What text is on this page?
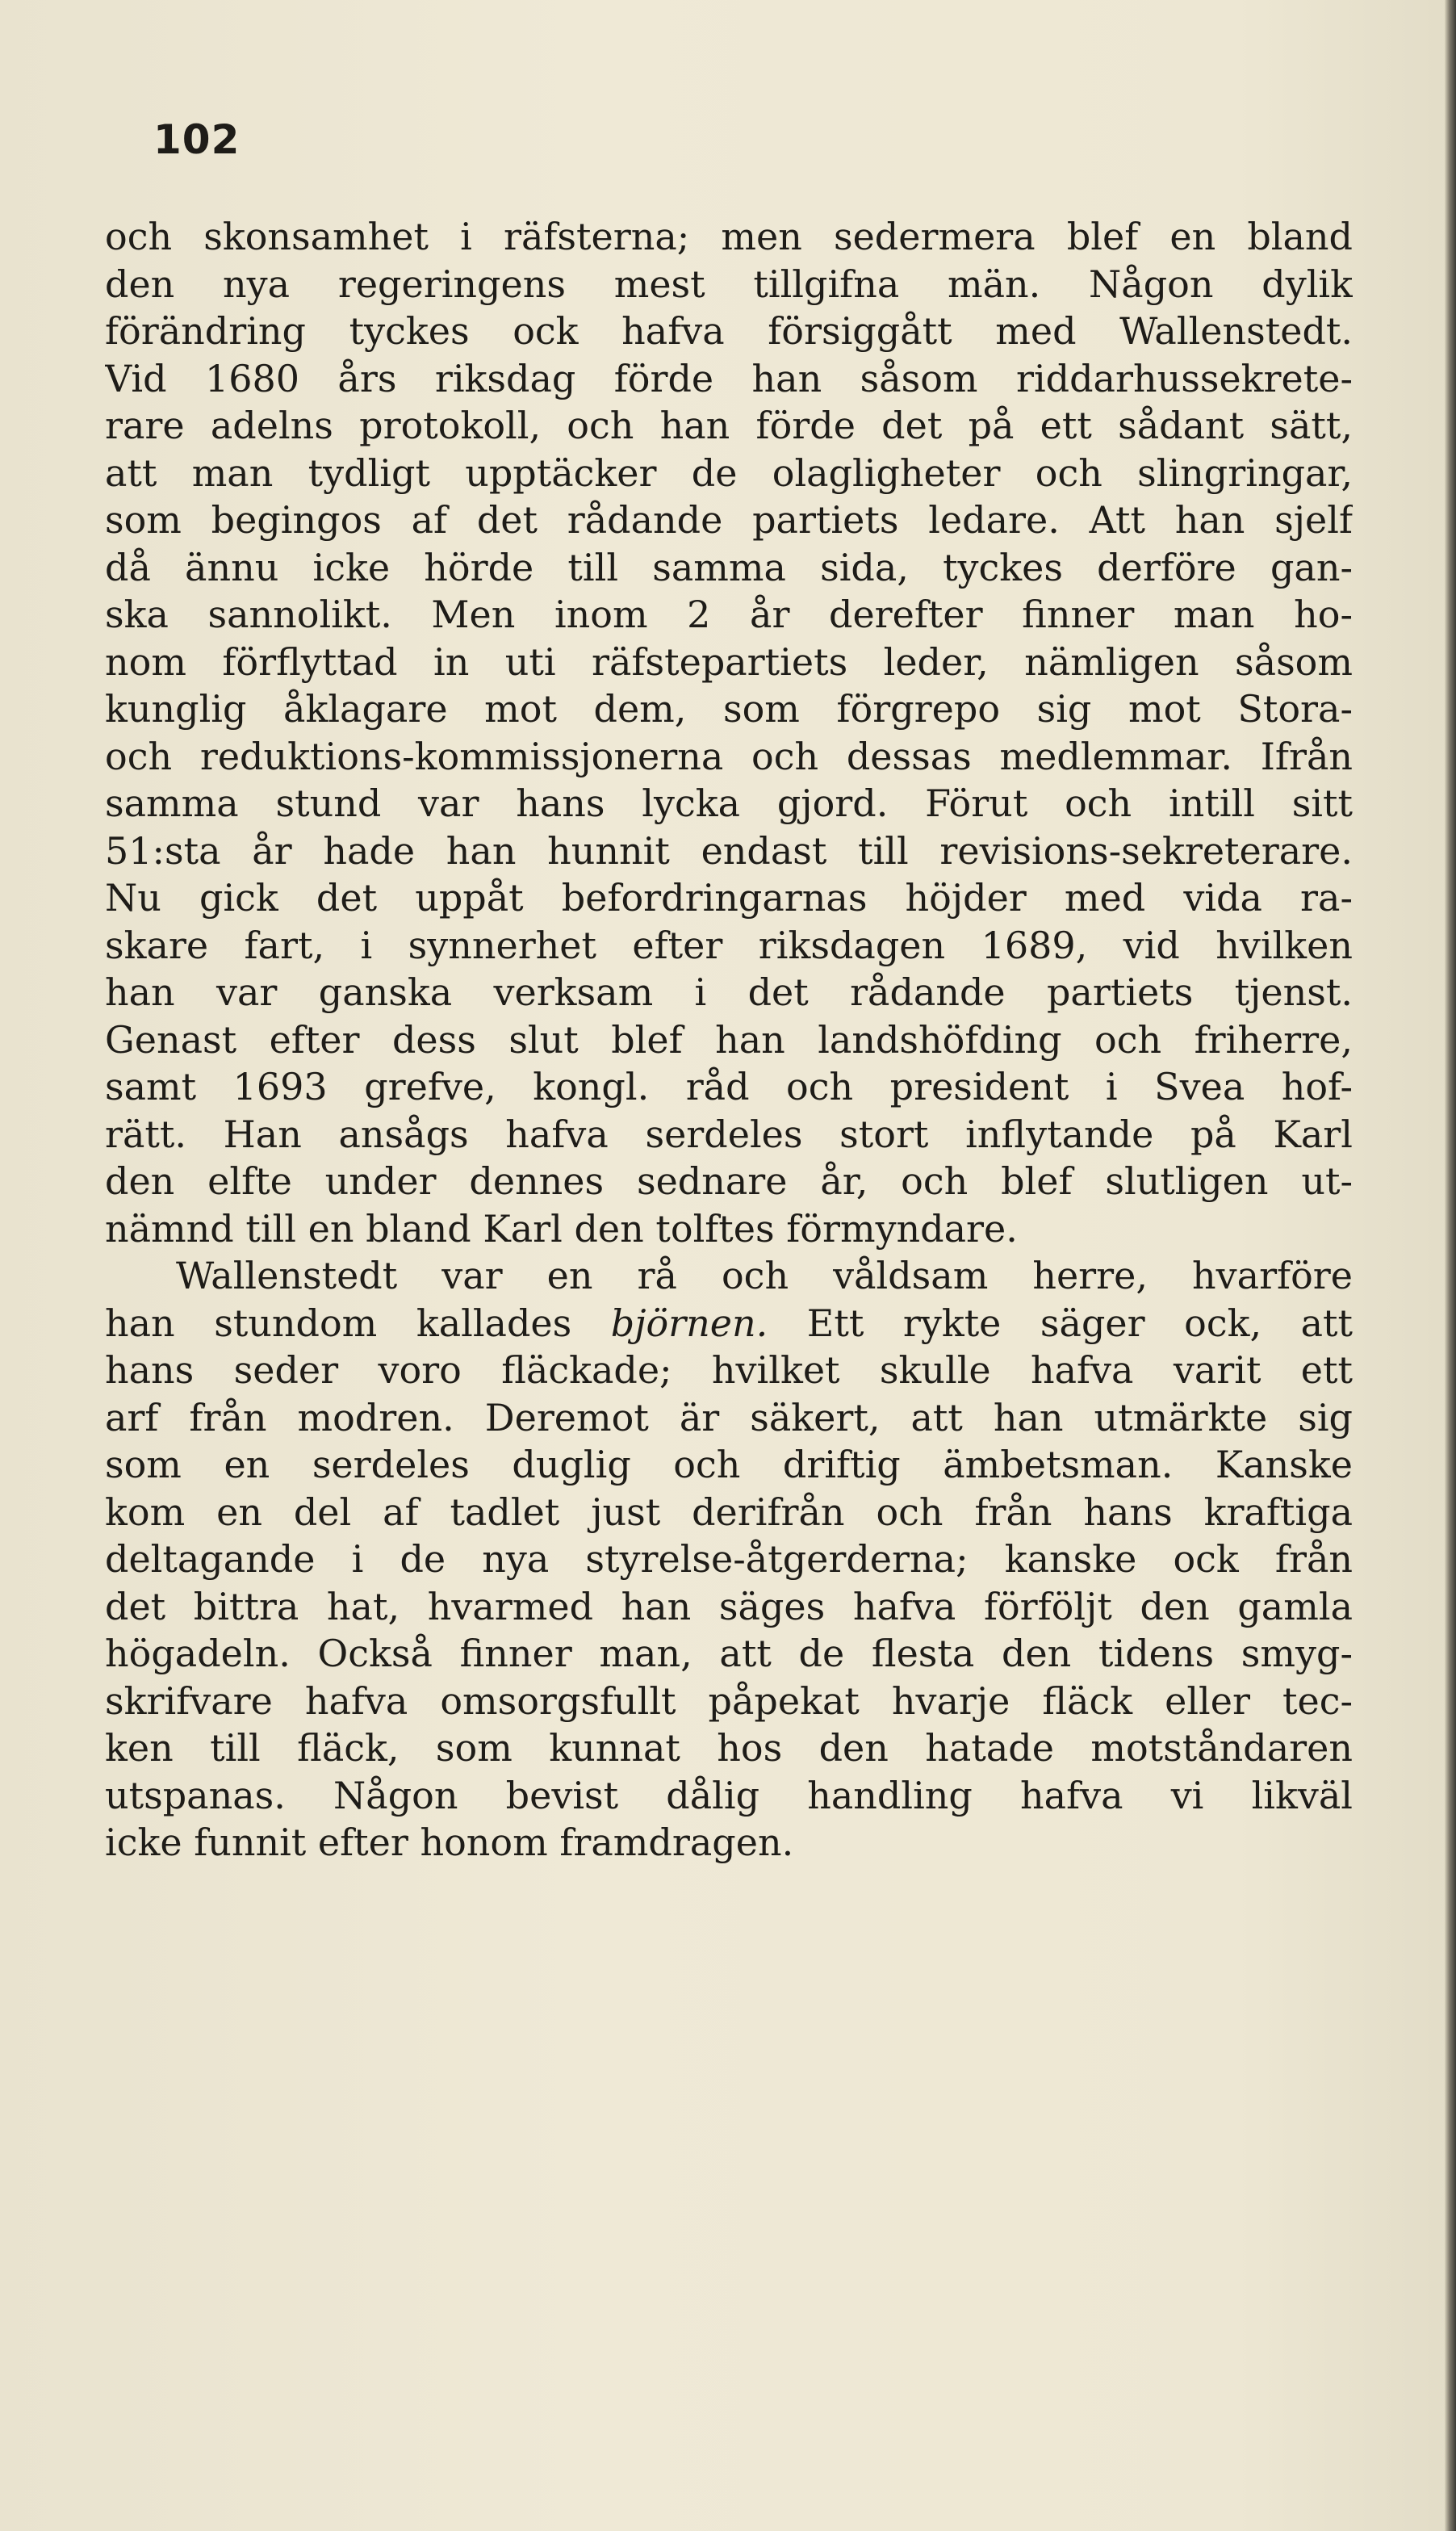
102
och skonsamhet i räfsterna; men sedermera blef en bland
den nya regeringens mest tillgifna män. Någon dylik
förändring tyckes ock hafva försiggått med Wallenstedt.
Vid 1680 års riksdag förde han såsom riddarhussekrete-
rare adelns protokoll, och han förde det på ett sådant sätt,
att man tydligt upptäcker de olagligheter och slingringar,
som begingos af det rådande partiets ledare. Att han sjelf
då ännu icke hörde till samma sida, tyckes derföre gan-
ska sannolikt. Men inom 2 år derefter finner man ho-
nom förflyttad in uti räfstepartiets leder, nämligen såsom
kunglig åklagare mot dem, som förgrepo sig mot Stora-
och reduktions-kommissjonerna och dessas medlemmar. Ifrån
samma stund var hans lycka gjord. Förut och intill sitt
51:sta år hade han hunnit endast till revisions-sekreterare.
Nu gick det uppåt befordringarnas höjder med vida ra-
skare fart, i synnerhet efter riksdagen 1689, vid hvilken
han var ganska verksam i det rådande partiets tjenst.
Genast efter dess slut blef han landshöfding och friherre,
samt 1693 grefve, kongl. råd och president i Svea hof-
rätt. Han ansågs hafva serdeles stort inflytande på Karl
den elfte under dennes sednare år, och blef slutligen ut-
nämnd till en bland Karl den tolftes förmyndare.
Wallenstedt var en rå och våldsam herre, hvarföre
han stundom kallades björnen. Ett rykte säger ock, att
hans seder voro fläckade; hvilket skulle hafva varit ett
arf från modren. Deremot är säkert, att han utmärkte sig
som en serdeles duglig och driftig ämbetsman. Kanske
kom en del af tadlet just derifrån och från hans kraftiga
deltagande i de nya styrelse-åtgerderna; kanske ock från
det bittra hat, hvarmed han säges hafva förföljt den gamla
högadeln. Också finner man, att de flesta den tidens smyg-
skrifvare hafva omsorgsfullt påpekat hvarje fläck eller tec-
ken till fläck, som kunnat hos den hatade motståndaren
utspanas. Någon bevist dålig handling hafva vi likväl
icke funnit efter honom framdragen.
